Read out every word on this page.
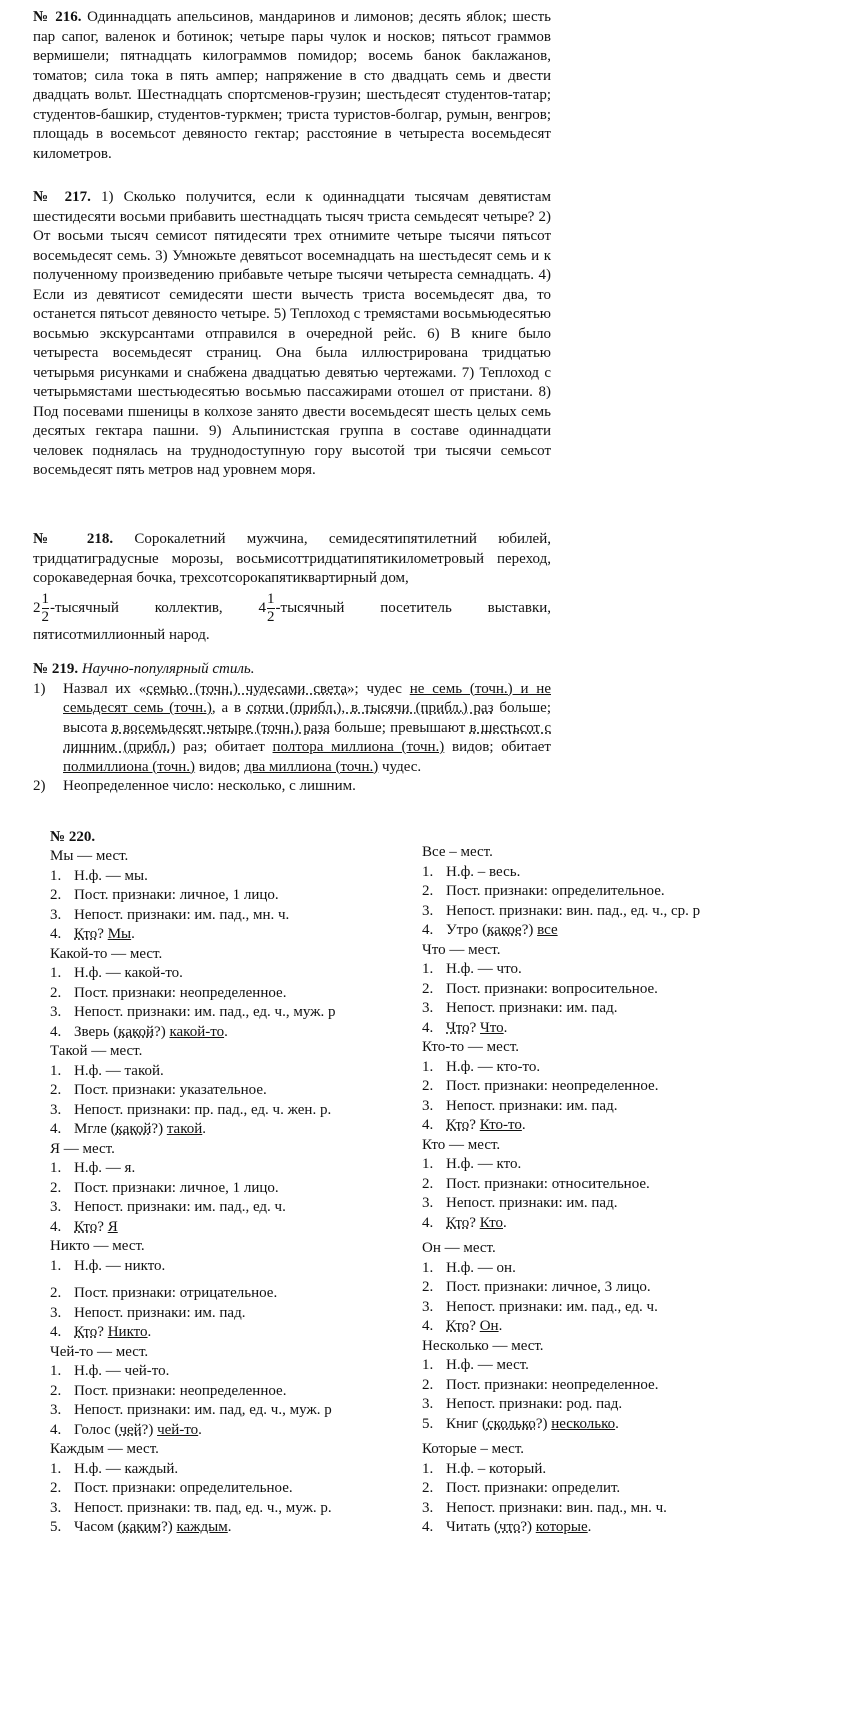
№ 216. Одиннадцать апельсинов, мандаринов и лимонов; десять яблок; шесть пар сапог, валенок и ботинок; четыре пары чулок и носков; пятьсот граммов вермишели; пятнадцать килограммов помидор; восемь банок баклажанов, томатов; сила тока в пять ампер; напряжение в сто двадцать семь и двести двадцать вольт. Шестнадцать спортсменов-грузин; шестьдесят студентов-татар; студентов-башкир, студентов-туркмен; триста туристов-болгар, румын, венгров; площадь в восемьсот девяносто гектар; расстояние в четыреста восемьдесят километров.
№ 217. 1) Сколько получится, если к одиннадцати тысячам девятистам шестидесяти восьми прибавить шестнадцать тысяч триста семьдесят четыре? 2) От восьми тысяч семисот пятидесяти трех отнимите четыре тысячи пятьсот восемьдесят семь. 3) Умножьте девятьсот восемнадцать на шестьдесят семь и к полученному произведению прибавьте четыре тысячи четыреста семнадцать. 4) Если из девятисот семидесяти шести вычесть триста восемьдесят два, то останется пятьсот девяносто четыре. 5) Теплоход с тремястами восьмьюдесятью восьмью экскурсантами отправился в очередной рейс. 6) В книге было четыреста восемьдесят страниц. Она была иллюстрирована тридцатью четырьмя рисунками и снабжена двадцатью девятью чертежами. 7) Теплоход с четырьмястами шестьюдесятью восьмью пассажирами отошел от пристани. 8) Под посевами пшеницы в колхозе занято двести восемьдесят шесть целых семь десятых гектара пашни. 9) Альпинистская группа в составе одиннадцати человек поднялась на труднодоступную гору высотой три тысячи семьсот восемьдесят пять метров над уровнем моря.
№ 218. Сорокалетний мужчина, семидесятипятилетний юбилей, тридцатиградусные морозы, восьмисоттридцатипятикилометровый переход, сорокаведерная бочка, трехсотсорокапятиквартирный дом,
$2 \frac{1}{2}$ -тысячный коллектив, $4 \frac{1}{2}$ -тысячный посетитель выставки, пятисотмиллионный народ.
№ 219. Научно-популярный стиль.
1) Назвал их «семью (точн.) чудесами света»; чудес не семь (точн.) и не семьдесят семь (точн.), а в сотни (прибл.), в тысячи (прибл.) раз больше; высота в восемьдесят четыре (точн.) раза больше; превышают в шестьсот с лишним (прибл.) раз; обитает полтора миллиона (точн.) видов; обитает полмиллиона (точн.) видов; два миллиона (точн.) чудес.
2) Неопределенное число: несколько, с лишним.
№ 220.
Мы — мест.
1. Н.ф. — мы.
2. Пост. признаки: личное, 1 лицо.
3. Непост. признаки: им. пад., мн. ч.
4. Кто? Мы.
Какой-то — мест.
1. Н.ф. — какой-то.
2. Пост. признаки: неопределенное.
3. Непост. признаки: им. пад., ед. ч., муж. р
4. Зверь (какой?) какой-то.
Такой — мест.
1. Н.ф. — такой.
2. Пост. признаки: указательное.
3. Непост. признаки: пр. пад., ед. ч. жен. р.
4. Мгле (какой?) такой.
Я — мест.
1. Н.ф. — я.
2. Пост. признаки: личное, 1 лицо.
3. Непост. признаки: им. пад., ед. ч.
4. Кто? Я
Никто — мест.
1. Н.ф. — никто.
2. Пост. признаки: отрицательное.
3. Непост. признаки: им. пад.
4. Кто? Никто.
Чей-то — мест.
1. Н.ф. — чей-то.
2. Пост. признаки: неопределенное.
3. Непост. признаки: им. пад, ед. ч., муж. р
4. Голос (чей?) чей-то.
Каждым — мест.
1. Н.ф. — каждый.
2. Пост. признаки: определительное.
3. Непост. признаки: тв. пад, ед. ч., муж. р.
5. Часом (каким?) каждым.
Все – мест.
1. Н.ф. – весь.
2. Пост. признаки: определительное.
3. Непост. признаки: вин. пад., ед. ч., ср. р
4. Утро (какое?) все
Что — мест.
1. Н.ф. — что.
2. Пост. признаки: вопросительное.
3. Непост. признаки: им. пад.
4. Что? Что.
Кто-то — мест.
1. Н.ф. — кто-то.
2. Пост. признаки: неопределенное.
3. Непост. признаки: им. пад.
4. Кто? Кто-то.
Кто — мест.
1. Н.ф. — кто.
2. Пост. признаки: относительное.
3. Непост. признаки: им. пад.
4. Кто? Кто.
Он — мест.
1. Н.ф. — он.
2. Пост. признаки: личное, 3 лицо.
3. Непост. признаки: им. пад., ед. ч.
4. Кто? Он.
Несколько — мест.
1. Н.ф. — мест.
2. Пост. признаки: неопределенное.
3. Непост. признаки: род. пад.
5. Книг (сколько?) несколько.
Которые – мест.
1. Н.ф. – который.
2. Пост. признаки: определит.
3. Непост. признаки: вин. пад., мн. ч.
4. Читать (что?) которые.
